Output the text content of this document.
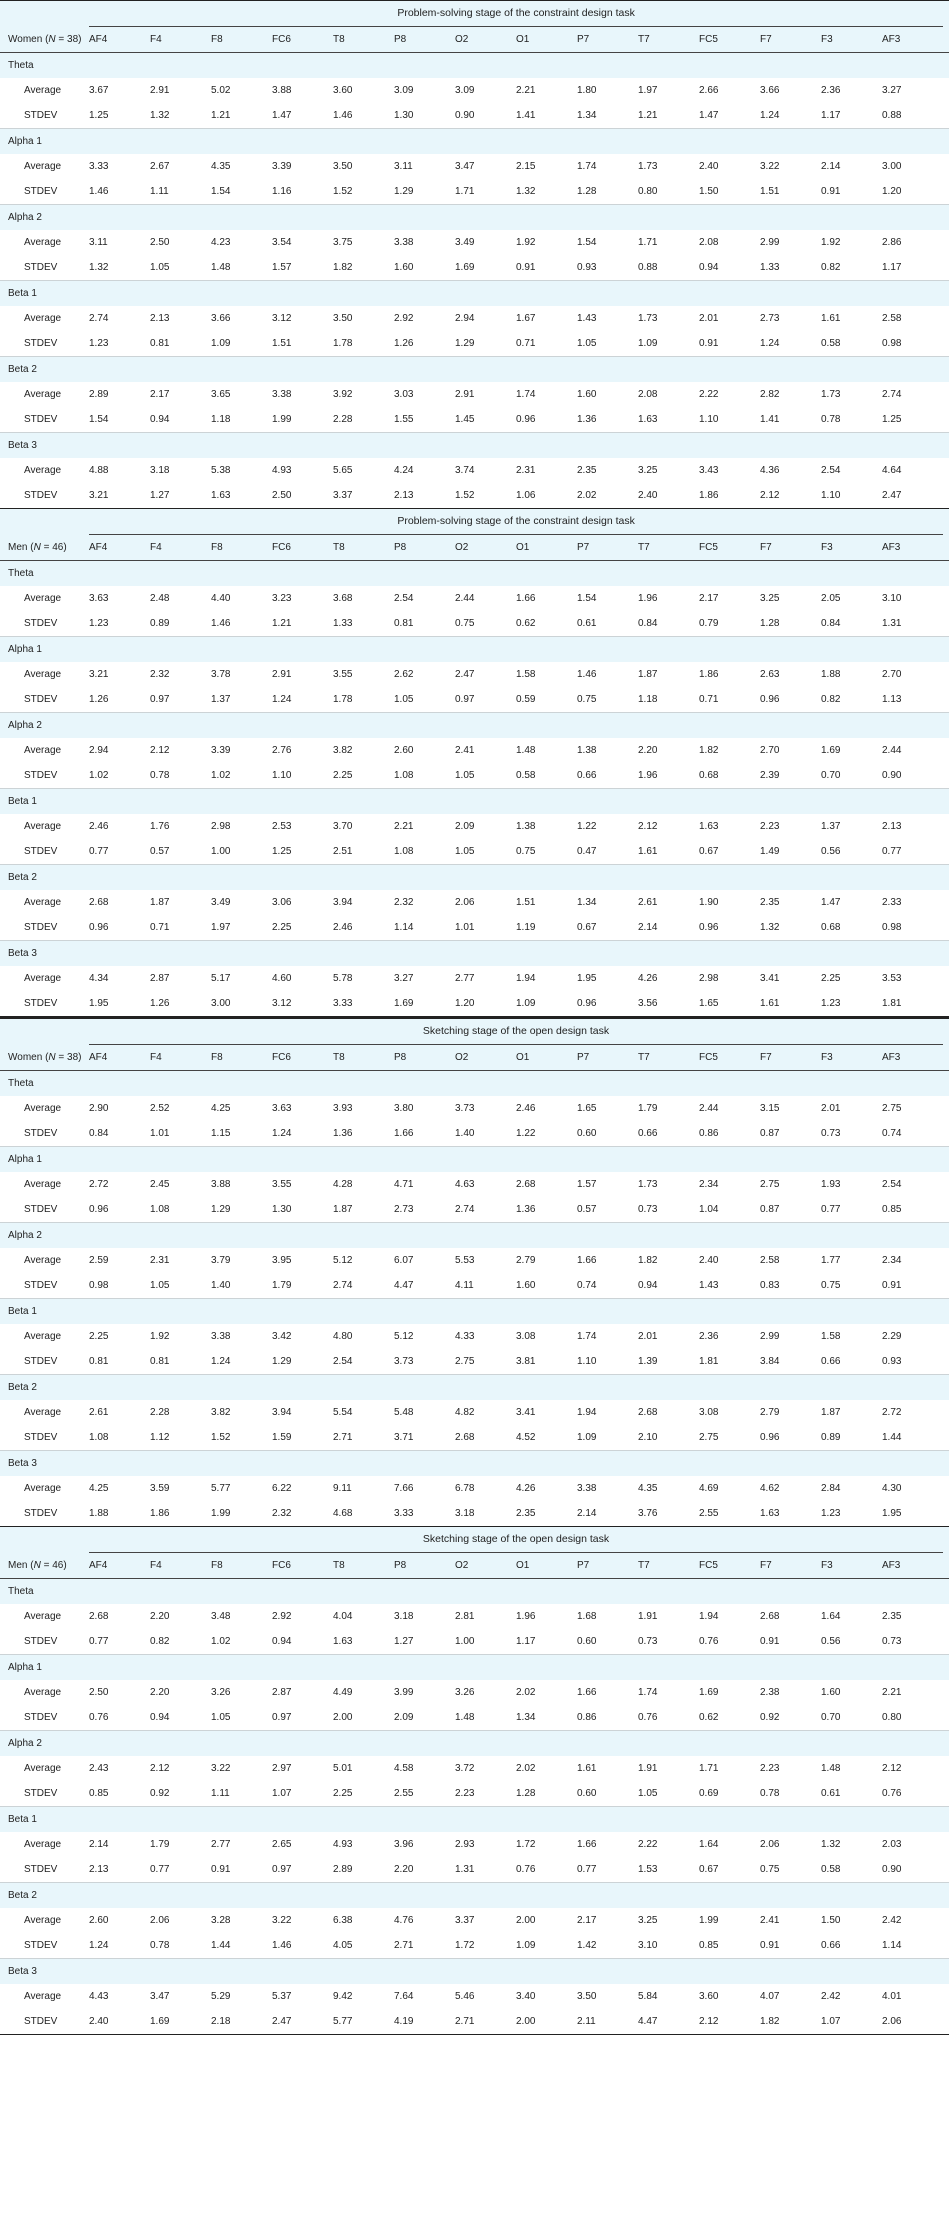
	Problem-solving stage of the constraint design task														
Women (N = 38)	AF4	F4	F8	FC6	T8	P8	O2	O1	P7	T7	FC5	F7	F3	AF3	
Theta															
Average	3.67	2.91	5.02	3.88	3.60	3.09	3.09	2.21	1.80	1.97	2.66	3.66	2.36	3.27	
STDEV	1.25	1.32	1.21	1.47	1.46	1.30	0.90	1.41	1.34	1.21	1.47	1.24	1.17	0.88	
Alpha 1															
Average	3.33	2.67	4.35	3.39	3.50	3.11	3.47	2.15	1.74	1.73	2.40	3.22	2.14	3.00	
STDEV	1.46	1.11	1.54	1.16	1.52	1.29	1.71	1.32	1.28	0.80	1.50	1.51	0.91	1.20	
Alpha 2															
Average	3.11	2.50	4.23	3.54	3.75	3.38	3.49	1.92	1.54	1.71	2.08	2.99	1.92	2.86	
STDEV	1.32	1.05	1.48	1.57	1.82	1.60	1.69	0.91	0.93	0.88	0.94	1.33	0.82	1.17	
Beta 1															
Average	2.74	2.13	3.66	3.12	3.50	2.92	2.94	1.67	1.43	1.73	2.01	2.73	1.61	2.58	
STDEV	1.23	0.81	1.09	1.51	1.78	1.26	1.29	0.71	1.05	1.09	0.91	1.24	0.58	0.98	
Beta 2															
Average	2.89	2.17	3.65	3.38	3.92	3.03	2.91	1.74	1.60	2.08	2.22	2.82	1.73	2.74	
STDEV	1.54	0.94	1.18	1.99	2.28	1.55	1.45	0.96	1.36	1.63	1.10	1.41	0.78	1.25	
Beta 3															
Average	4.88	3.18	5.38	4.93	5.65	4.24	3.74	2.31	2.35	3.25	3.43	4.36	2.54	4.64	
STDEV	3.21	1.27	1.63	2.50	3.37	2.13	1.52	1.06	2.02	2.40	1.86	2.12	1.10	2.47	
	Problem-solving stage of the constraint design task														
Men (N = 46)	AF4	F4	F8	FC6	T8	P8	O2	O1	P7	T7	FC5	F7	F3	AF3	
Theta															
Average	3.63	2.48	4.40	3.23	3.68	2.54	2.44	1.66	1.54	1.96	2.17	3.25	2.05	3.10	
STDEV	1.23	0.89	1.46	1.21	1.33	0.81	0.75	0.62	0.61	0.84	0.79	1.28	0.84	1.31	
Alpha 1															
Average	3.21	2.32	3.78	2.91	3.55	2.62	2.47	1.58	1.46	1.87	1.86	2.63	1.88	2.70	
STDEV	1.26	0.97	1.37	1.24	1.78	1.05	0.97	0.59	0.75	1.18	0.71	0.96	0.82	1.13	
Alpha 2															
Average	2.94	2.12	3.39	2.76	3.82	2.60	2.41	1.48	1.38	2.20	1.82	2.70	1.69	2.44	
STDEV	1.02	0.78	1.02	1.10	2.25	1.08	1.05	0.58	0.66	1.96	0.68	2.39	0.70	0.90	
Beta 1															
Average	2.46	1.76	2.98	2.53	3.70	2.21	2.09	1.38	1.22	2.12	1.63	2.23	1.37	2.13	
STDEV	0.77	0.57	1.00	1.25	2.51	1.08	1.05	0.75	0.47	1.61	0.67	1.49	0.56	0.77	
Beta 2															
Average	2.68	1.87	3.49	3.06	3.94	2.32	2.06	1.51	1.34	2.61	1.90	2.35	1.47	2.33	
STDEV	0.96	0.71	1.97	2.25	2.46	1.14	1.01	1.19	0.67	2.14	0.96	1.32	0.68	0.98	
Beta 3															
Average	4.34	2.87	5.17	4.60	5.78	3.27	2.77	1.94	1.95	4.26	2.98	3.41	2.25	3.53	
STDEV	1.95	1.26	3.00	3.12	3.33	1.69	1.20	1.09	0.96	3.56	1.65	1.61	1.23	1.81	
	Sketching stage of the open design task														
Women (N = 38)	AF4	F4	F8	FC6	T8	P8	O2	O1	P7	T7	FC5	F7	F3	AF3	
Theta															
Average	2.90	2.52	4.25	3.63	3.93	3.80	3.73	2.46	1.65	1.79	2.44	3.15	2.01	2.75	
STDEV	0.84	1.01	1.15	1.24	1.36	1.66	1.40	1.22	0.60	0.66	0.86	0.87	0.73	0.74	
Alpha 1															
Average	2.72	2.45	3.88	3.55	4.28	4.71	4.63	2.68	1.57	1.73	2.34	2.75	1.93	2.54	
STDEV	0.96	1.08	1.29	1.30	1.87	2.73	2.74	1.36	0.57	0.73	1.04	0.87	0.77	0.85	
Alpha 2															
Average	2.59	2.31	3.79	3.95	5.12	6.07	5.53	2.79	1.66	1.82	2.40	2.58	1.77	2.34	
STDEV	0.98	1.05	1.40	1.79	2.74	4.47	4.11	1.60	0.74	0.94	1.43	0.83	0.75	0.91	
Beta 1															
Average	2.25	1.92	3.38	3.42	4.80	5.12	4.33	3.08	1.74	2.01	2.36	2.99	1.58	2.29	
STDEV	0.81	0.81	1.24	1.29	2.54	3.73	2.75	3.81	1.10	1.39	1.81	3.84	0.66	0.93	
Beta 2															
Average	2.61	2.28	3.82	3.94	5.54	5.48	4.82	3.41	1.94	2.68	3.08	2.79	1.87	2.72	
STDEV	1.08	1.12	1.52	1.59	2.71	3.71	2.68	4.52	1.09	2.10	2.75	0.96	0.89	1.44	
Beta 3															
Average	4.25	3.59	5.77	6.22	9.11	7.66	6.78	4.26	3.38	4.35	4.69	4.62	2.84	4.30	
STDEV	1.88	1.86	1.99	2.32	4.68	3.33	3.18	2.35	2.14	3.76	2.55	1.63	1.23	1.95	
	Sketching stage of the open design task														
Men (N = 46)	AF4	F4	F8	FC6	T8	P8	O2	O1	P7	T7	FC5	F7	F3	AF3	
Theta															
Average	2.68	2.20	3.48	2.92	4.04	3.18	2.81	1.96	1.68	1.91	1.94	2.68	1.64	2.35	
STDEV	0.77	0.82	1.02	0.94	1.63	1.27	1.00	1.17	0.60	0.73	0.76	0.91	0.56	0.73	
Alpha 1															
Average	2.50	2.20	3.26	2.87	4.49	3.99	3.26	2.02	1.66	1.74	1.69	2.38	1.60	2.21	
STDEV	0.76	0.94	1.05	0.97	2.00	2.09	1.48	1.34	0.86	0.76	0.62	0.92	0.70	0.80	
Alpha 2															
Average	2.43	2.12	3.22	2.97	5.01	4.58	3.72	2.02	1.61	1.91	1.71	2.23	1.48	2.12	
STDEV	0.85	0.92	1.11	1.07	2.25	2.55	2.23	1.28	0.60	1.05	0.69	0.78	0.61	0.76	
Beta 1															
Average	2.14	1.79	2.77	2.65	4.93	3.96	2.93	1.72	1.66	2.22	1.64	2.06	1.32	2.03	
STDEV	2.13	0.77	0.91	0.97	2.89	2.20	1.31	0.76	0.77	1.53	0.67	0.75	0.58	0.90	
Beta 2															
Average	2.60	2.06	3.28	3.22	6.38	4.76	3.37	2.00	2.17	3.25	1.99	2.41	1.50	2.42	
STDEV	1.24	0.78	1.44	1.46	4.05	2.71	1.72	1.09	1.42	3.10	0.85	0.91	0.66	1.14	
Beta 3															
Average	4.43	3.47	5.29	5.37	9.42	7.64	5.46	3.40	3.50	5.84	3.60	4.07	2.42	4.01	
STDEV	2.40	1.69	2.18	2.47	5.77	4.19	2.71	2.00	2.11	4.47	2.12	1.82	1.07	2.06	
